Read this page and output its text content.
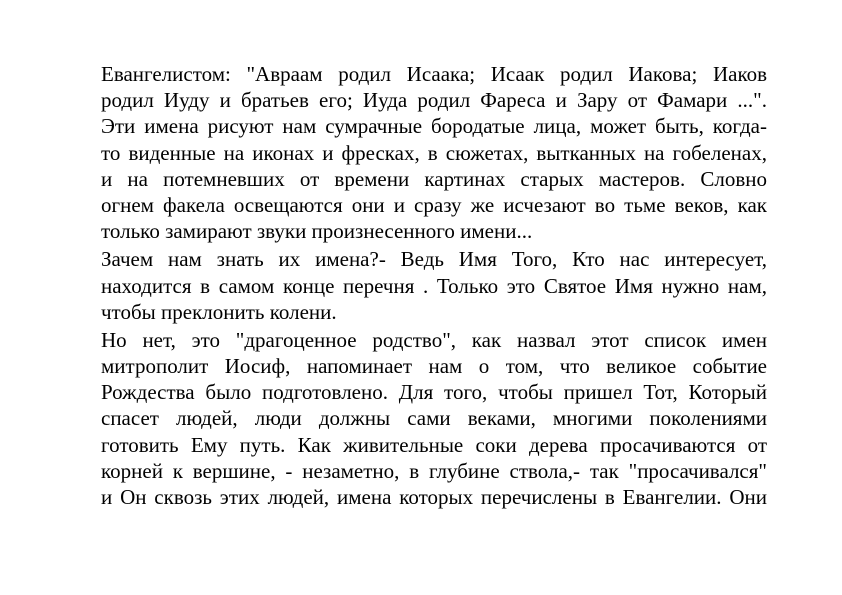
Евангелистом: "Авраам родил Исаака; Исаак родил Иакова; Иаков
родил Иуду и братьев его; Иуда родил Фареса и Зару от Фамари ...".
Эти имена рисуют нам сумрачные бородатые лица, может быть, когда-
то виденные на иконах и фресках, в сюжетах, вытканных на гобеленах,
и на потемневших от времени картинах старых мастеров. Словно
огнем факела освещаются они и сразу же исчезают во тьме веков, как
только замирают звуки произнесенного имени...
Зачем нам знать их имена?- Ведь Имя Того, Кто нас интересует,
находится в самом конце перечня . Только это Святое Имя нужно нам,
чтобы преклонить колени.
Но нет, это "драгоценное родство", как назвал этот список имен
митрополит Иосиф, напоминает нам о том, что великое событие
Рождества было подготовлено. Для того, чтобы пришел Тот, Который
спасет людей, люди должны сами веками, многими поколениями
готовить Ему путь. Как живительные соки дерева просачиваются от
корней к вершине, - незаметно, в глубине ствола,- так "просачивался"
и Он сквозь этих людей, имена которых перечислены в Евангелии. Они
